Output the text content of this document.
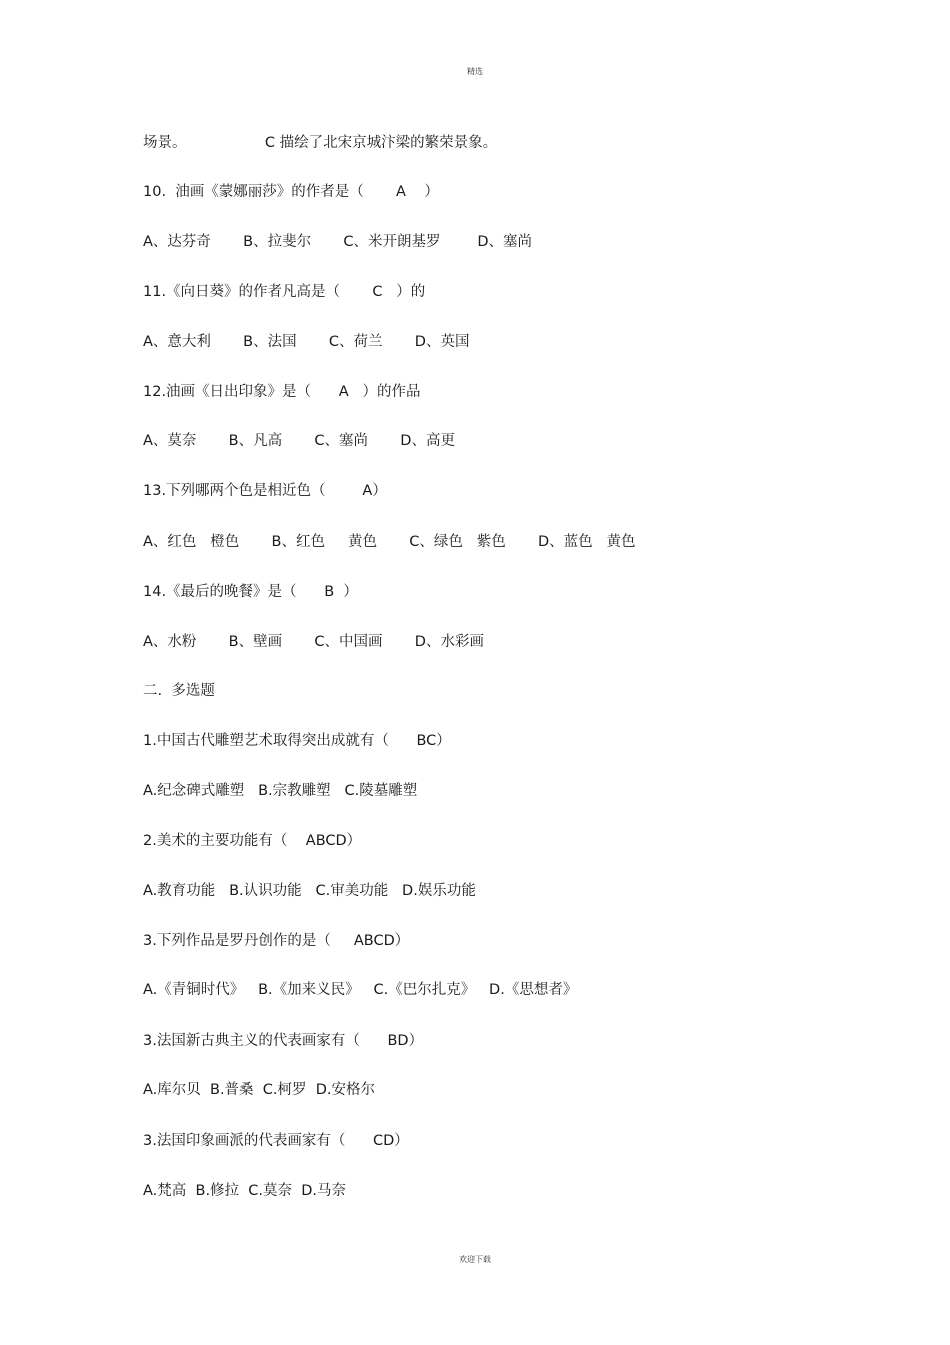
精选
场景。                 C 描绘了北宋京城汴梁的繁荣景象。
10.  油画《蒙娜丽莎》的作者是（       A    ）
A、达芬奇       B、拉斐尔       C、米开朗基罗        D、塞尚
11.《向日葵》的作者凡高是（       C   ）的
A、意大利       B、法国       C、荷兰       D、英国
12.油画《日出印象》是（      A   ）的作品
A、莫奈       B、凡高       C、塞尚       D、高更
13.下列哪两个色是相近色（        A）
A、红色   橙色       B、红色     黄色       C、绿色   紫色       D、蓝色   黄色
14.《最后的晚餐》是（      B  ）
A、水粉       B、壁画       C、中国画       D、水彩画
二.  多选题
1.中国古代雕塑艺术取得突出成就有（      BC）
A.纪念碑式雕塑   B.宗教雕塑   C.陵墓雕塑
2.美术的主要功能有（    ABCD）
A.教育功能   B.认识功能   C.审美功能   D.娱乐功能
3.下列作品是罗丹创作的是（     ABCD）
A.《青铜时代》   B.《加来义民》   C.《巴尔扎克》   D.《思想者》
3.法国新古典主义的代表画家有（      BD）
A.库尔贝  B.普桑  C.柯罗  D.安格尔
3.法国印象画派的代表画家有（      CD）
A.梵高  B.修拉  C.莫奈  D.马奈
欢迎下载
